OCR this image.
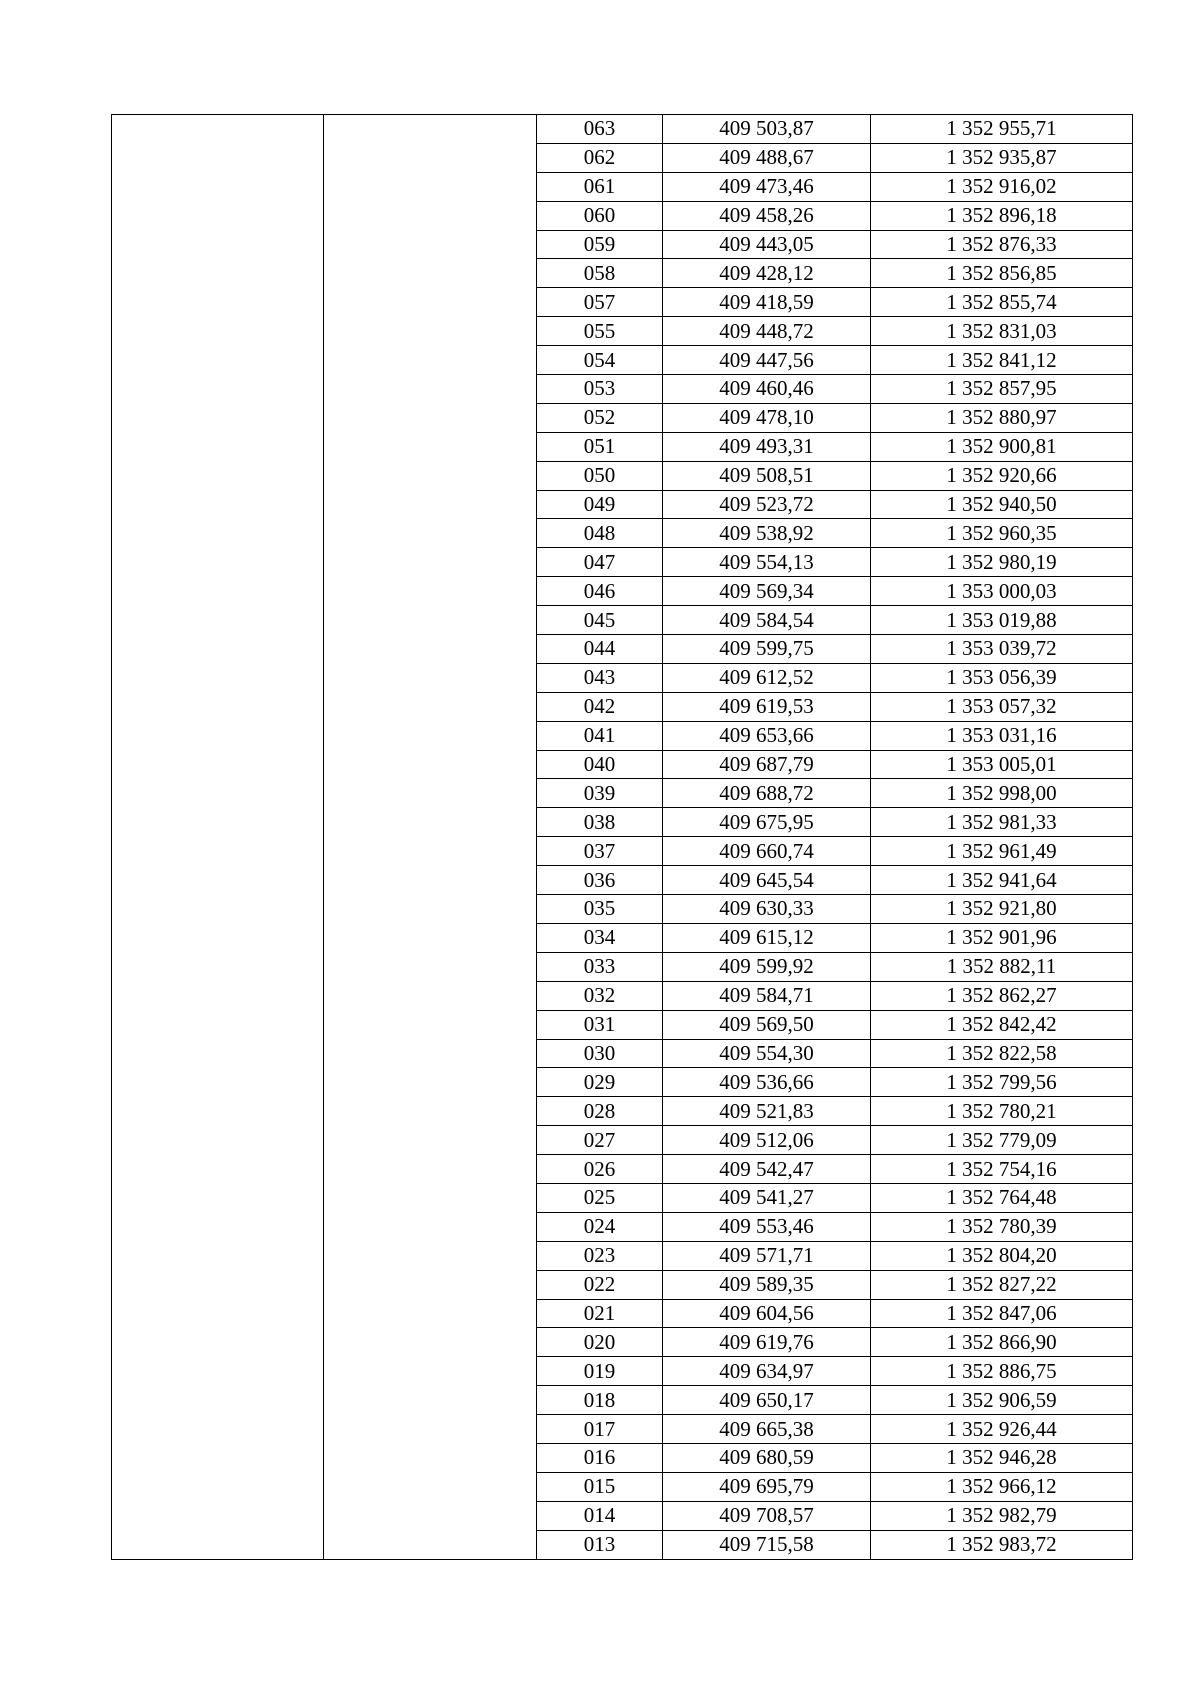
		063	409 503,87	1 352 955,71
		062	409 488,67	1 352 935,87
		061	409 473,46	1 352 916,02
		060	409 458,26	1 352 896,18
		059	409 443,05	1 352 876,33
		058	409 428,12	1 352 856,85
		057	409 418,59	1 352 855,74
		055	409 448,72	1 352 831,03
		054	409 447,56	1 352 841,12
		053	409 460,46	1 352 857,95
		052	409 478,10	1 352 880,97
		051	409 493,31	1 352 900,81
		050	409 508,51	1 352 920,66
		049	409 523,72	1 352 940,50
		048	409 538,92	1 352 960,35
		047	409 554,13	1 352 980,19
		046	409 569,34	1 353 000,03
		045	409 584,54	1 353 019,88
		044	409 599,75	1 353 039,72
		043	409 612,52	1 353 056,39
		042	409 619,53	1 353 057,32
		041	409 653,66	1 353 031,16
		040	409 687,79	1 353 005,01
		039	409 688,72	1 352 998,00
		038	409 675,95	1 352 981,33
		037	409 660,74	1 352 961,49
		036	409 645,54	1 352 941,64
		035	409 630,33	1 352 921,80
		034	409 615,12	1 352 901,96
		033	409 599,92	1 352 882,11
		032	409 584,71	1 352 862,27
		031	409 569,50	1 352 842,42
		030	409 554,30	1 352 822,58
		029	409 536,66	1 352 799,56
		028	409 521,83	1 352 780,21
		027	409 512,06	1 352 779,09
		026	409 542,47	1 352 754,16
		025	409 541,27	1 352 764,48
		024	409 553,46	1 352 780,39
		023	409 571,71	1 352 804,20
		022	409 589,35	1 352 827,22
		021	409 604,56	1 352 847,06
		020	409 619,76	1 352 866,90
		019	409 634,97	1 352 886,75
		018	409 650,17	1 352 906,59
		017	409 665,38	1 352 926,44
		016	409 680,59	1 352 946,28
		015	409 695,79	1 352 966,12
		014	409 708,57	1 352 982,79
		013	409 715,58	1 352 983,72
